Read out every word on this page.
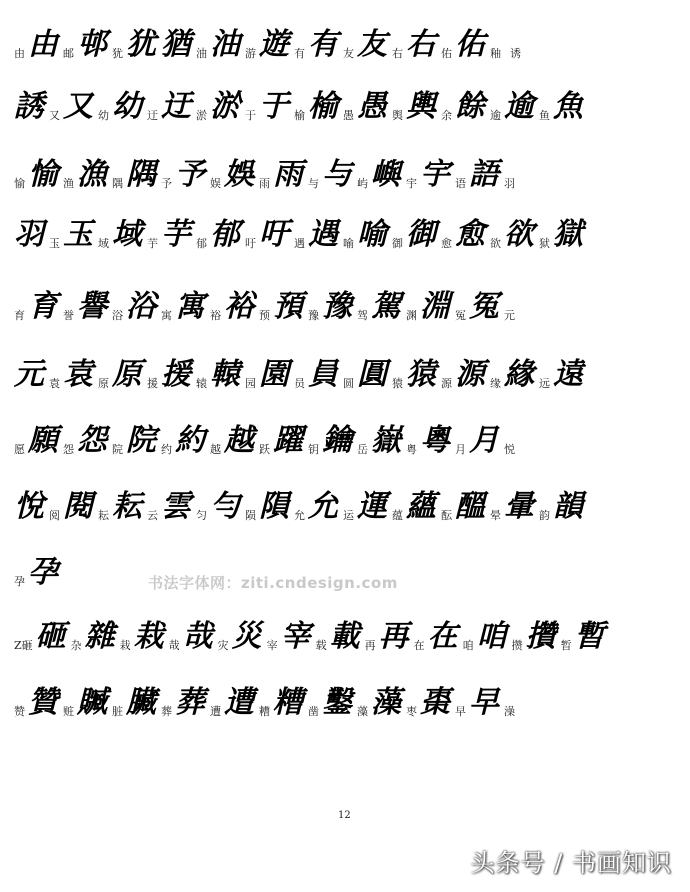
由 由 邮 邨 犹 犹 猶 油 油 游 遊 有 有 友 友 右 右 佑 佑 釉 诱
誘 又 又 幼 幼 迂 迂 淤 淤 于 于 榆 榆 愚 愚 舆 輿 余 餘 逾 逾 鱼 魚
愉 愉 渔 漁 隅 隅 予 予 娱 娛 雨 雨 与 与 屿 嶼 宇 宇 语 語 羽
羽 玉 玉 域 域 芋 芋 郁 郁 吁 吁 遇 遇 喻 喻 御 御 愈 愈 欲 欲 狱 獄
育 育 誉 譽 浴 浴 寓 寓 裕 裕 预 預 豫 豫 驾 駕 渊 淵 冤 冤 元
元 袁 袁 原 原 援 援 辕 轅 园 園 员 員 圆 圓 猿 猿 源 源 缘 緣 远 遠
愿 願 怨 怨 院 院 约 約 越 越 跃 躍 钥 鑰 岳 嶽 粤 粵 月 月 悦
悅 阅 閱 耘 耘 云 雲 匀 勻 陨 隕 允 允 运 運 蕴 蘊 酝 醞 晕 暈 韵 韻
孕 孕
Z砸 砸 杂 雜 栽 栽 哉 哉 灾 災 宰 宰 载 載 再 再 在 在 咱 咱 攒 攢 暂 暫
赞 贊 赃 贓 脏 臟 葬 葬 遭 遭 糟 糟 凿 鑿 藻 藻 枣 棗 早 早 澡
书法字体网：ziti.cndesign.com
12
头条号 / 书画知识
